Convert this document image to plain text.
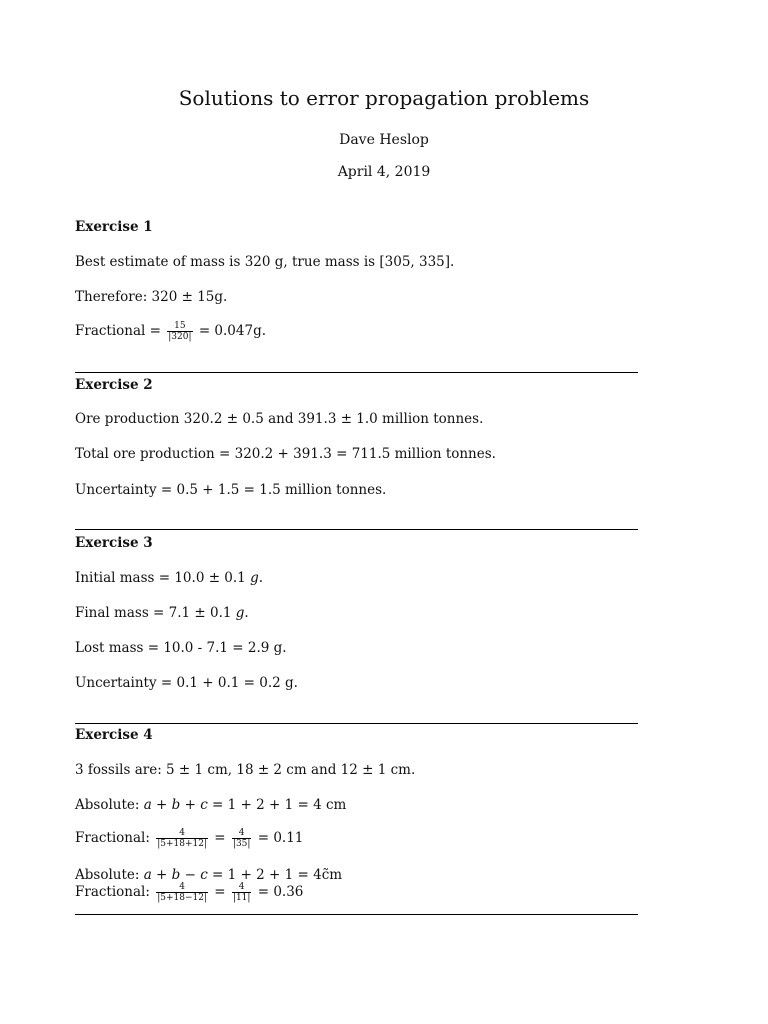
Solutions to error propagation problems
Dave Heslop
April 4, 2019

Exercise 1

Best estimate of mass is 320 g, true mass is [305, 335].

Therefore: 320 ± 15g.

Fractional = $\frac{15}{|320|} = 0.047g$.

Exercise 2

Ore production 320.2 ± 0.5 and 391.3 ± 1.0 million tonnes.

Total ore production = 320.2 + 391.3 = 711.5 million tonnes.

Uncertainty = 0.5 + 1.5 = 1.5 million tonnes.

Exercise 3

Initial mass = 10.0 ± 0.1 g.

Final mass = 7.1 ± 0.1 g.

Lost mass = 10.0 - 7.1 = 2.9 g.

Uncertainty = 0.1 + 0.1 = 0.2 g.

Exercise 4

3 fossils are: 5 ± 1 cm, 18 ± 2 cm and 12 ± 1 cm.

Absolute: a + b + c = 1 + 2 + 1 = 4 cm

Fractional: $\frac{4}{|5+18+12|} = \frac{4}{|35|} = 0.11$

Absolute: a + b − c = 1 + 2 + 1 = 4c̃m

Fractional: $\frac{4}{|5+18-12|} = \frac{4}{|11|} = 0.36$
